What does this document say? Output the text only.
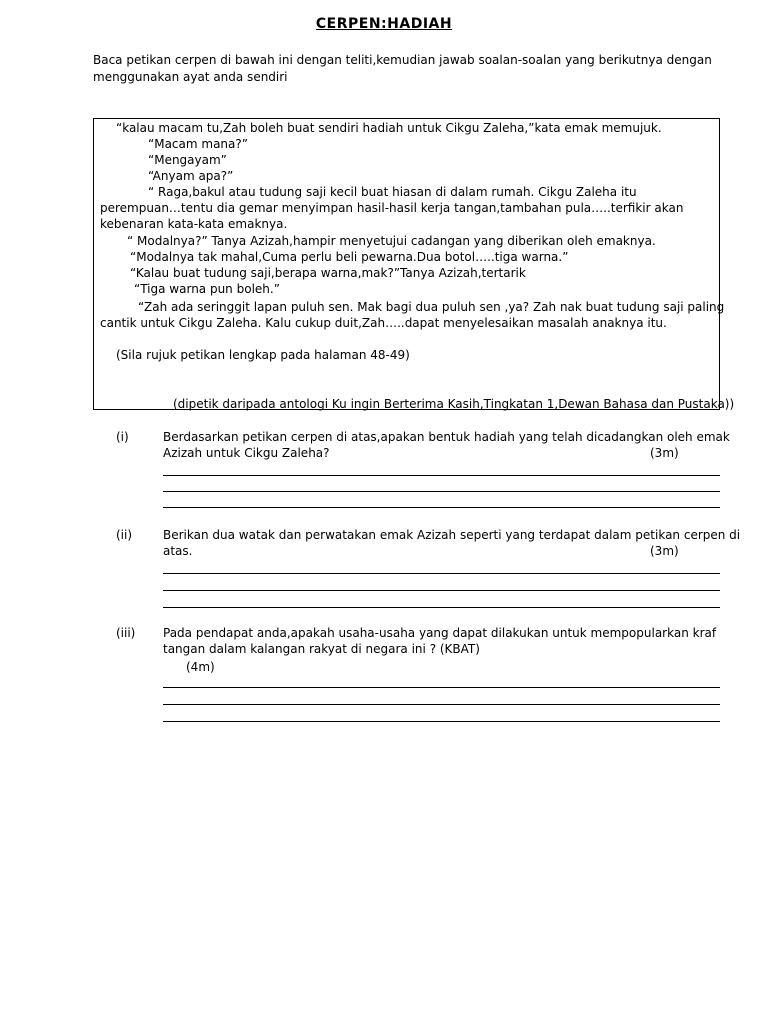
CERPEN:HADIAH
Baca petikan cerpen di bawah ini dengan teliti,kemudian jawab soalan-soalan yang berikutnya dengan menggunakan ayat anda sendiri
“kalau macam tu,Zah boleh buat sendiri hadiah untuk Cikgu Zaleha,”kata emak memujuk.
“Macam mana?”
“Mengayam”
“Anyam apa?”
“ Raga,bakul atau tudung saji kecil buat hiasan di dalam rumah. Cikgu Zaleha itu
perempuan…tentu dia gemar menyimpan hasil-hasil kerja tangan,tambahan pula…..terfikir akan
kebenaran kata-kata emaknya.
“ Modalnya?” Tanya Azizah,hampir menyetujui cadangan yang diberikan oleh emaknya.
“Modalnya tak mahal,Cuma perlu beli pewarna.Dua botol…..tiga warna.”
“Kalau buat tudung saji,berapa warna,mak?”Tanya Azizah,tertarik
“Tiga warna pun boleh.”
“Zah ada seringgit lapan puluh sen. Mak bagi dua puluh sen ,ya? Zah nak buat tudung saji paling
cantik untuk Cikgu Zaleha. Kalu cukup duit,Zah…..dapat menyelesaikan masalah anaknya itu.
(Sila rujuk petikan lengkap pada halaman 48-49)
(dipetik daripada antologi Ku ingin Berterima Kasih,Tingkatan 1,Dewan Bahasa dan Pustaka))
(i)	Berdasarkan petikan cerpen di atas,apakan bentuk hadiah yang telah dicadangkan oleh emak
Azizah untuk Cikgu Zaleha?	(3m)
(ii)	Berikan dua watak dan perwatakan emak Azizah seperti yang terdapat dalam petikan cerpen di
atas.	(3m)
(iii) Pada pendapat anda,apakah usaha-usaha yang dapat dilakukan untuk mempopularkan kraf
tangan dalam kalangan rakyat di negara ini ? (KBAT)
(4m)
